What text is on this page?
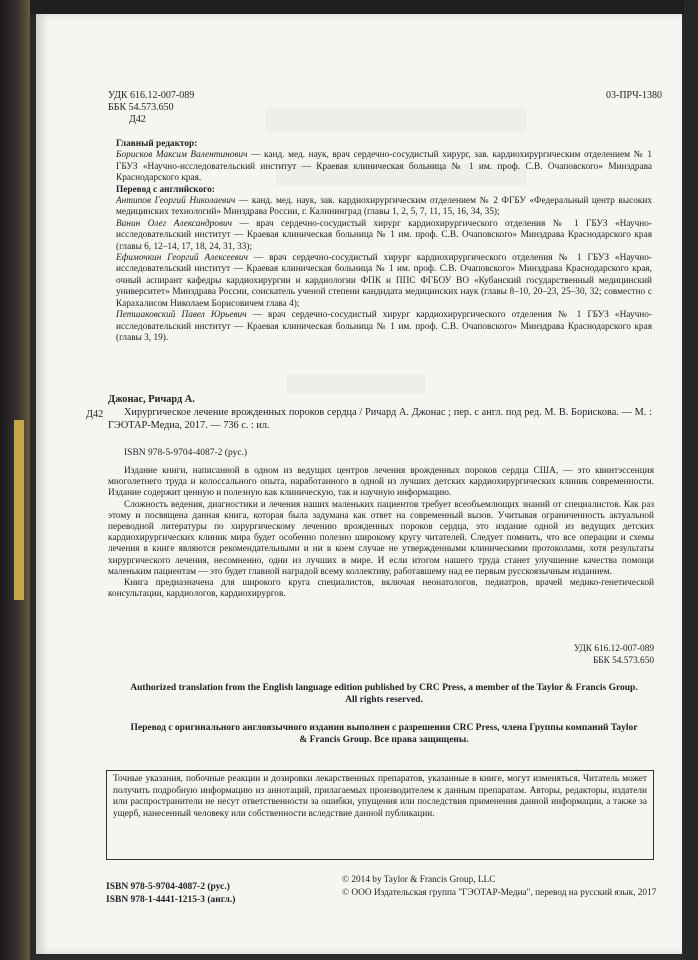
УДК 616.12-007-089
ББК 54.573.650
Д42
03-ПРЧ-1380
Главный редактор:
Борисков Максим Валентинович — канд. мед. наук, врач сердечно-сосудистый хирург, зав. кардиохирургическим отделением № 1 ГБУЗ «Научно-исследовательский институт — Краевая клиническая больница № 1 им. проф. С.В. Очаповского» Минздрава Краснодарского края.
Перевод с английского:
Антипов Георгий Николаевич — канд. мед. наук, зав. кардиохирургическим отделением № 2 ФГБУ «Федеральный центр высоких медицинских технологий» Минздрава России, г. Калининград (главы 1, 2, 5, 7, 11, 15, 16, 34, 35);
Ванин Олег Александрович — врач сердечно-сосудистый хирург кардиохирургического отделения № 1 ГБУЗ «Научно-исследовательский институт — Краевая клиническая больница № 1 им. проф. С.В. Очаповского» Минздрава Краснодарского края (главы 6, 12–14, 17, 18, 24, 31, 33);
Ефимочкин Георгий Алексеевич — врач сердечно-сосудистый хирург кардиохирургического отделения № 1 ГБУЗ «Научно-исследовательский институт — Краевая клиническая больница № 1 им. проф. С.В. Очаповского» Минздрава Краснодарского края, очный аспирант кафедры кардиохирургии и кардиологии ФПК и ППС ФГБОУ ВО «Кубанский государственный медицинский университет» Минздрава России, соискатель ученой степени кандидата медицинских наук (главы 8–10, 20–23, 25–30, 32; совместно с Карахалисом Николаем Борисовичем глава 4);
Петшаковский Павел Юрьевич — врач сердечно-сосудистый хирург кардиохирургического отделения № 1 ГБУЗ «Научно-исследовательский институт — Краевая клиническая больница № 1 им. проф. С.В. Очаповского» Минздрава Краснодарского края (главы 3, 19).
Джонас, Ричард А.
Д42	Хирургическое лечение врожденных пороков сердца / Ричард А. Джонас ; пер. с англ. под ред. М. В. Борискова. — М. : ГЭОТАР-Медиа, 2017. — 736 с. : ил.
ISBN 978-5-9704-4087-2 (рус.)

Издание книги, написанной в одном из ведущих центров лечения врожденных пороков сердца США, — это квинтэссенция многолетнего труда и колоссального опыта, наработанного в одной из лучших детских кардиохирургических клиник современности. Издание содержит ценную и полезную как клиническую, так и научную информацию.

Сложность ведения, диагностики и лечения наших маленьких пациентов требует всеобъемлющих знаний от специалистов. Как раз этому и посвящена данная книга, которая была задумана как ответ на современный вызов. Учитывая ограниченность актуальной переводной литературы по хирургическому лечению врожденных пороков сердца, это издание одной из ведущих детских кардиохирургических клиник мира будет особенно полезно широкому кругу читателей. Следует помнить, что все операции и схемы лечения в книге являются рекомендательными и ни в коем случае не утвержденными клиническими протоколами, хотя результаты хирургического лечения, несомненно, одни из лучших в мире. И если итогом нашего труда станет улучшение качества помощи маленьким пациентам — это будет главной наградой всему коллективу, работавшему над ее первым русскоязычным изданием.

Книга предназначена для широкого круга специалистов, включая неонатологов, педиатров, врачей медико-генетической консультации, кардиологов, кардиохирургов.

УДК 616.12-007-089
ББК 54.573.650
Authorized translation from the English language edition published by CRC Press, a member of the Taylor & Francis Group.
All rights reserved.
Перевод с оригинального англоязычного издания выполнен с разрешения CRC Press, члена Группы компаний Taylor & Francis Group. Все права защищены.
Точные указания, побочные реакции и дозировки лекарственных препаратов, указанные в книге, могут изменяться. Читатель может получить подробную информацию из аннотаций, прилагаемых производителем к данным препаратам. Авторы, редакторы, издатели или распространители не несут ответственности за ошибки, упущения или последствия применения данной информации, а также за ущерб, нанесенный человеку или собственности вследствие данной публикации.
ISBN 978-5-9704-4087-2 (рус.)
ISBN 978-1-4441-1215-3 (англ.)
© 2014 by Taylor & Francis Group, LLC
© ООО Издательская группа "ГЭОТАР-Медиа", перевод на русский язык, 2017
